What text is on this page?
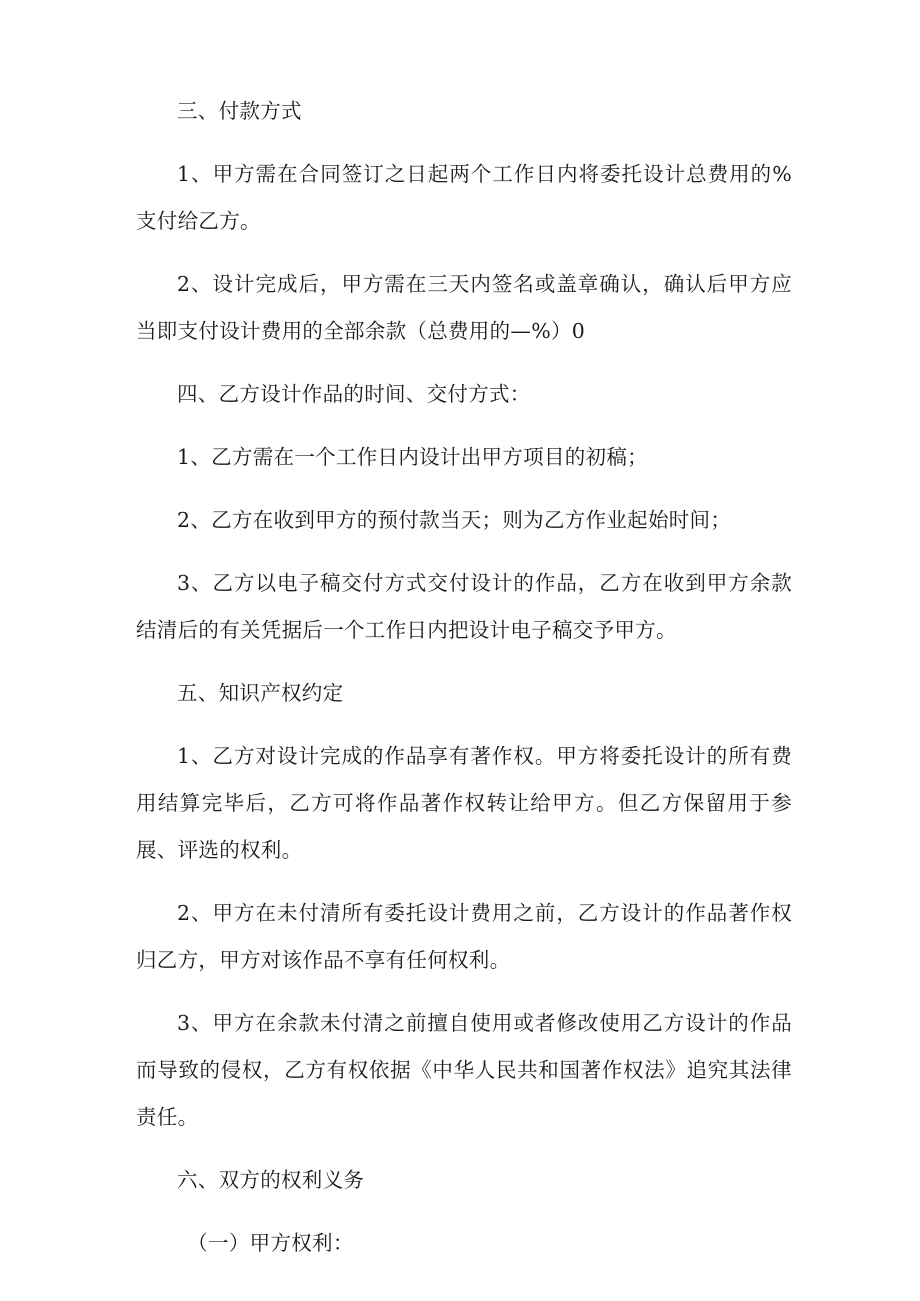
三、付款方式

1、甲方需在合同签订之日起两个工作日内将委托设计总费用的%支付给乙方。

2、设计完成后，甲方需在三天内签名或盖章确认，确认后甲方应当即支付设计费用的全部余款（总费用的—%）0

四、乙方设计作品的时间、交付方式：

1、乙方需在一个工作日内设计出甲方项目的初稿；

2、乙方在收到甲方的预付款当天；则为乙方作业起始时间；

3、乙方以电子稿交付方式交付设计的作品，乙方在收到甲方余款结清后的有关凭据后一个工作日内把设计电子稿交予甲方。

五、知识产权约定

1、乙方对设计完成的作品享有著作权。甲方将委托设计的所有费用结算完毕后，乙方可将作品著作权转让给甲方。但乙方保留用于参展、评选的权利。

2、甲方在未付清所有委托设计费用之前，乙方设计的作品著作权归乙方，甲方对该作品不享有任何权利。

3、甲方在余款未付清之前擅自使用或者修改使用乙方设计的作品而导致的侵权，乙方有权依据《中华人民共和国著作权法》追究其法律责任。

六、双方的权利义务

（一）甲方权利：
